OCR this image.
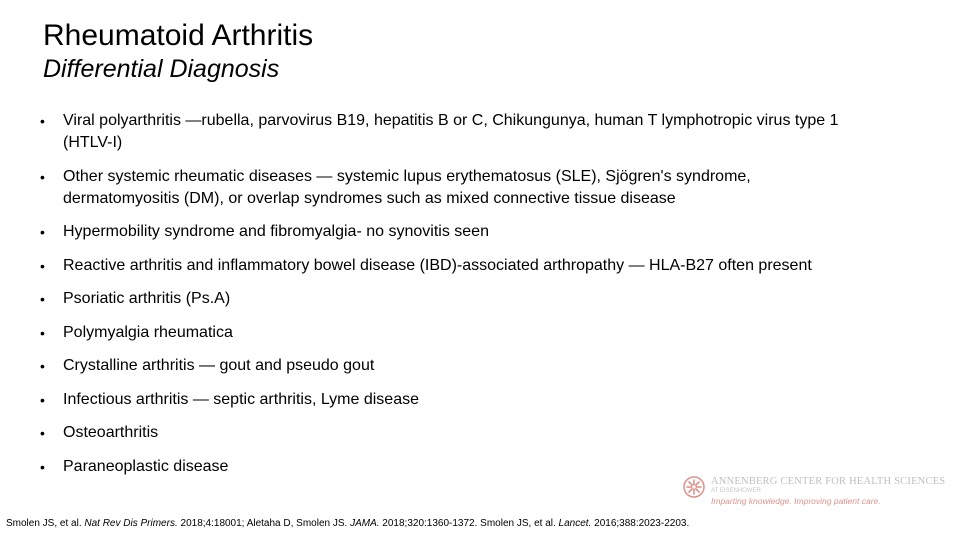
Rheumatoid Arthritis
Differential Diagnosis
•	Viral polyarthritis —rubella, parvovirus B19, hepatitis B or C, Chikungunya, human T lymphotropic virus type 1 (HTLV-I)
•	Other systemic rheumatic diseases — systemic lupus erythematosus (SLE), Sjögren's syndrome, dermatomyositis (DM), or overlap syndromes such as mixed connective tissue disease
•	Hypermobility syndrome and fibromyalgia- no synovitis seen
•	Reactive arthritis and inflammatory bowel disease (IBD)-associated arthropathy — HLA-B27 often present
•	Psoriatic arthritis (Ps.A)
•	Polymyalgia rheumatica
•	Crystalline arthritis — gout and pseudo gout
•	Infectious arthritis — septic arthritis, Lyme disease
•	Osteoarthritis
•	Paraneoplastic disease
ANNENBERG CENTER FOR HEALTH SCIENCES
AT EISENHOWER
Imparting knowledge. Improving patient care.
Smolen JS, et al. Nat Rev Dis Primers. 2018;4:18001; Aletaha D, Smolen JS. JAMA. 2018;320:1360-1372. Smolen JS, et al. Lancet. 2016;388:2023-2203.
